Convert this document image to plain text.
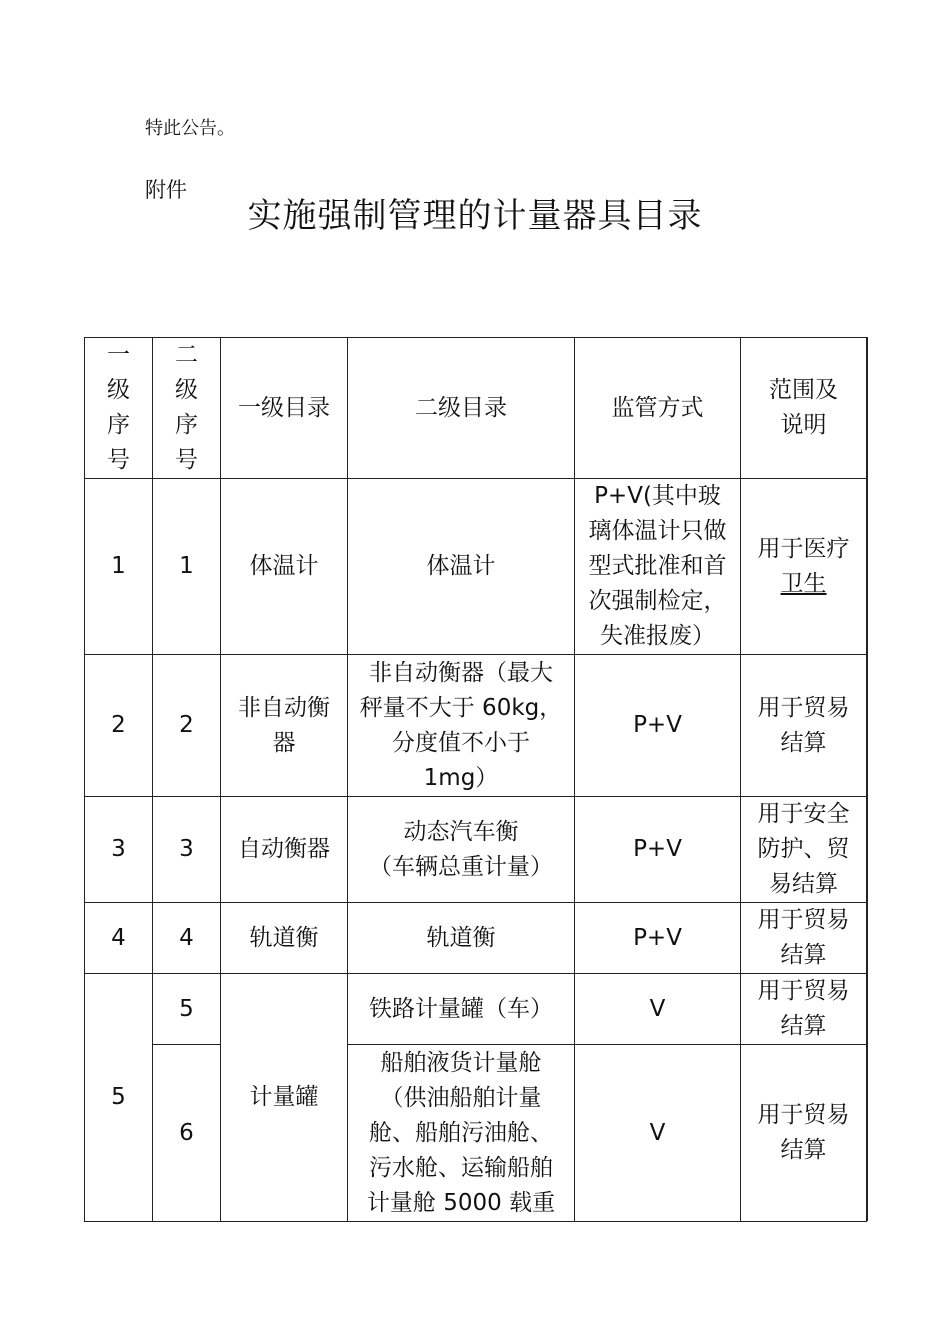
特此公告。
附件
实施强制管理的计量器具目录
一
级
序
号	二
级
序
号	一级目录	二级目录	监管方式	范围及
说明

1	1	体温计	体温计	P+V(其中玻
璃体温计只做
型式批准和首
次强制检定，
失准报废）	用于医疗
卫生

2	2	非自动衡
器	非自动衡器（最大
秤量不大于 60kg，
分度值不小于
1mg）	P+V	用于贸易
结算

3	3	自动衡器	动态汽车衡
（车辆总重计量）	P+V	用于安全
防护、贸
易结算

4	4	轨道衡	轨道衡	P+V	用于贸易
结算

5	5	计量罐	铁路计量罐（车）	V	用于贸易
结算

	6		船舶液货计量舱
（供油船舶计量
舱、船舶污油舱、
污水舱、运输船舶
计量舱 5000 载重	V	用于贸易
结算
